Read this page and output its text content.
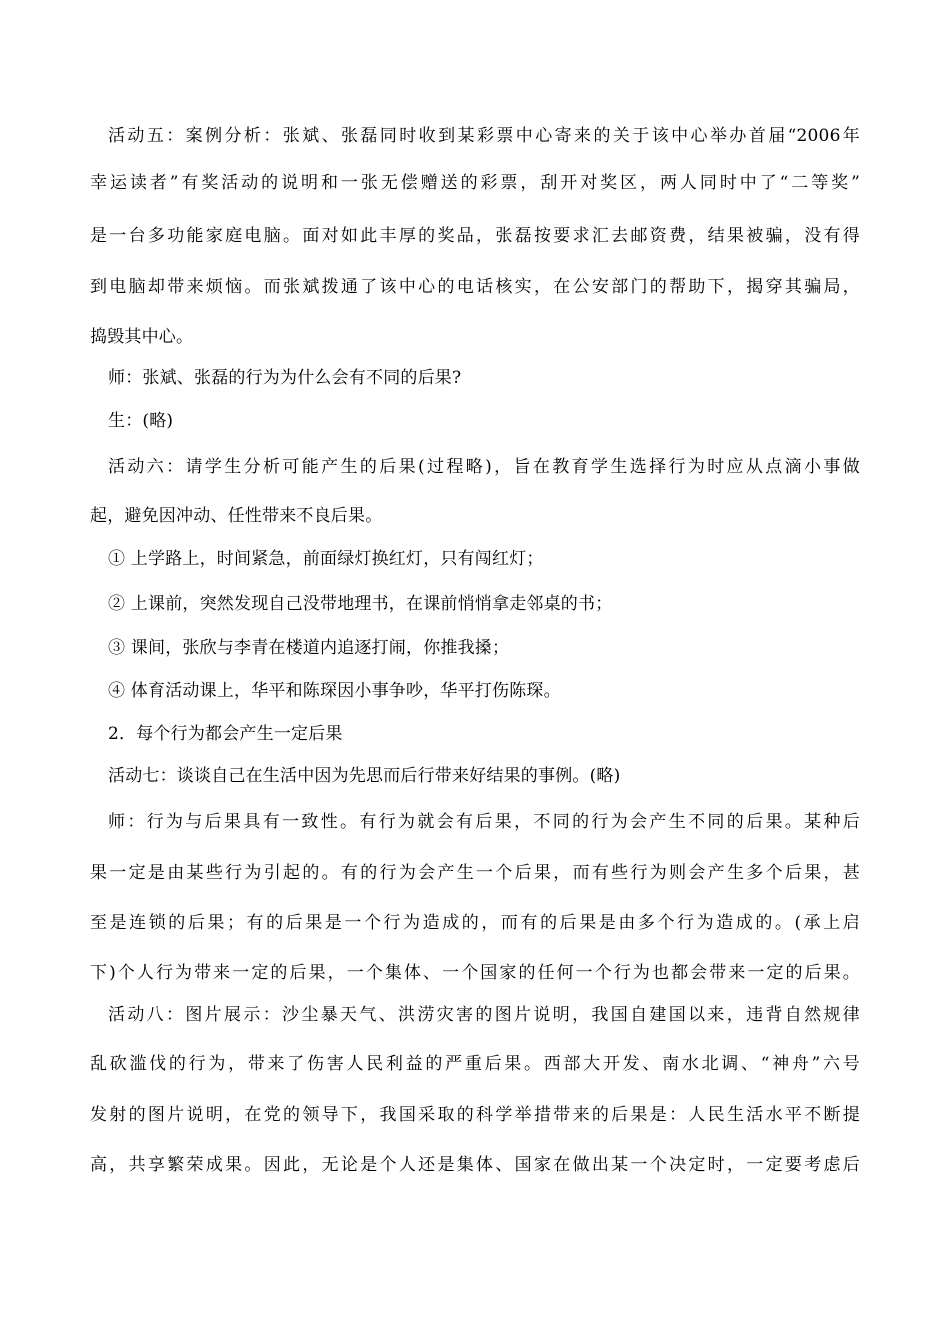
活动五：案例分析：张斌、张磊同时收到某彩票中心寄来的关于该中心举办首届“2006年
幸运读者”有奖活动的说明和一张无偿赠送的彩票，刮开对奖区，两人同时中了“二等奖”
是一台多功能家庭电脑。面对如此丰厚的奖品，张磊按要求汇去邮资费，结果被骗，没有得
到电脑却带来烦恼。而张斌拨通了该中心的电话核实，在公安部门的帮助下，揭穿其骗局，
捣毁其中心。
师：张斌、张磊的行为为什么会有不同的后果?
生：(略)
活动六：请学生分析可能产生的后果(过程略)，旨在教育学生选择行为时应从点滴小事做
起，避免因冲动、任性带来不良后果。
① 上学路上，时间紧急，前面绿灯换红灯，只有闯红灯；
② 上课前，突然发现自己没带地理书，在课前悄悄拿走邻桌的书；
③ 课间，张欣与李青在楼道内追逐打闹，你推我搡；
④ 体育活动课上，华平和陈琛因小事争吵，华平打伤陈琛。
2．每个行为都会产生一定后果
活动七：谈谈自己在生活中因为先思而后行带来好结果的事例。(略)
师：行为与后果具有一致性。有行为就会有后果，不同的行为会产生不同的后果。某种后
果一定是由某些行为引起的。有的行为会产生一个后果，而有些行为则会产生多个后果，甚
至是连锁的后果；有的后果是一个行为造成的，而有的后果是由多个行为造成的。(承上启
下)个人行为带来一定的后果，一个集体、一个国家的任何一个行为也都会带来一定的后果。
活动八：图片展示：沙尘暴天气、洪涝灾害的图片说明，我国自建国以来，违背自然规律
乱砍滥伐的行为，带来了伤害人民利益的严重后果。西部大开发、南水北调、“神舟”六号
发射的图片说明，在党的领导下，我国采取的科学举措带来的后果是：人民生活水平不断提
高，共享繁荣成果。因此，无论是个人还是集体、国家在做出某一个决定时，一定要考虑后
